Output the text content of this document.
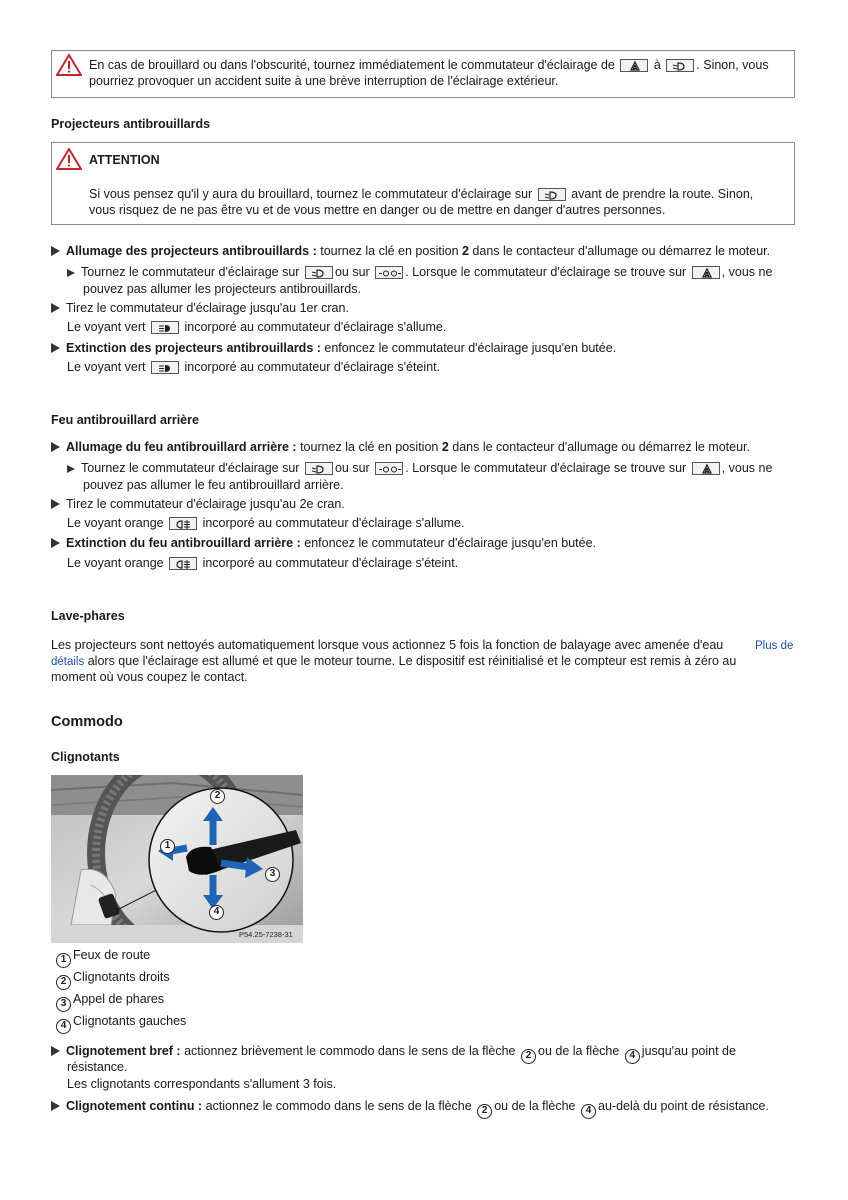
En cas de brouillard ou dans l'obscurité, tournez immédiatement le commutateur d'éclairage de	A à	. Sinon, vous
pourriez provoquer un accident suite à une brève interruption de l'éclairage extérieur.
Projecteurs antibrouillards
ATTENTION
Si vous pensez qu'il y aura du brouillard, tournez le commutateur d'éclairage sur	avant de prendre la route. Sinon,
vous risquez de ne pas être vu et de vous mettre en danger ou de mettre en danger d'autres personnes.
Allumage des projecteurs antibrouillards : tournez la clé en position 2 dans le contacteur d'allumage ou démarrez le moteur.
Tournez le commutateur d'éclairage sur	ou sur	. Lorsque le commutateur d'éclairage se trouve sur	A , vous ne
pouvez pas allumer les projecteurs antibrouillards.
Tirez le commutateur d'éclairage jusqu'au 1er cran.
Le voyant vert	incorporé au commutateur d'éclairage s'allume.
Extinction des projecteurs antibrouillards : enfoncez le commutateur d'éclairage jusqu'en butée.
Le voyant vert	incorporé au commutateur d'éclairage s'éteint.
Feu antibrouillard arrière
Allumage du feu antibrouillard arrière : tournez la clé en position 2 dans le contacteur d'allumage ou démarrez le moteur.
Tournez le commutateur d'éclairage sur	ou sur	. Lorsque le commutateur d'éclairage se trouve sur	A , vous ne
pouvez pas allumer le feu antibrouillard arrière.
Tirez le commutateur d'éclairage jusqu'au 2e cran.
Le voyant orange	incorporé au commutateur d'éclairage s'allume.
Extinction du feu antibrouillard arrière : enfoncez le commutateur d'éclairage jusqu'en butée.
Le voyant orange	incorporé au commutateur d'éclairage s'éteint.
Lave-phares
Les projecteurs sont nettoyés automatiquement lorsque vous actionnez 5 fois la fonction de balayage avec amenée d'eau	Plus de
détails alors que l'éclairage est allumé et que le moteur tourne. Le dispositif est réinitialisé et le compteur est remis à zéro au
moment où vous coupez le contact.
Commodo
Clignotants
1
2
3
4
P54.25-7238-31
1 Feux de route
2 Clignotants droits
3 Appel de phares
4 Clignotants gauches
Clignotement bref : actionnez brièvement le commodo dans le sens de la flèche 2 ou de la flèche 4 jusqu'au point de
résistance.
Les clignotants correspondants s'allument 3 fois.
Clignotement continu : actionnez le commodo dans le sens de la flèche 2 ou de la flèche 4 au-delà du point de résistance.
